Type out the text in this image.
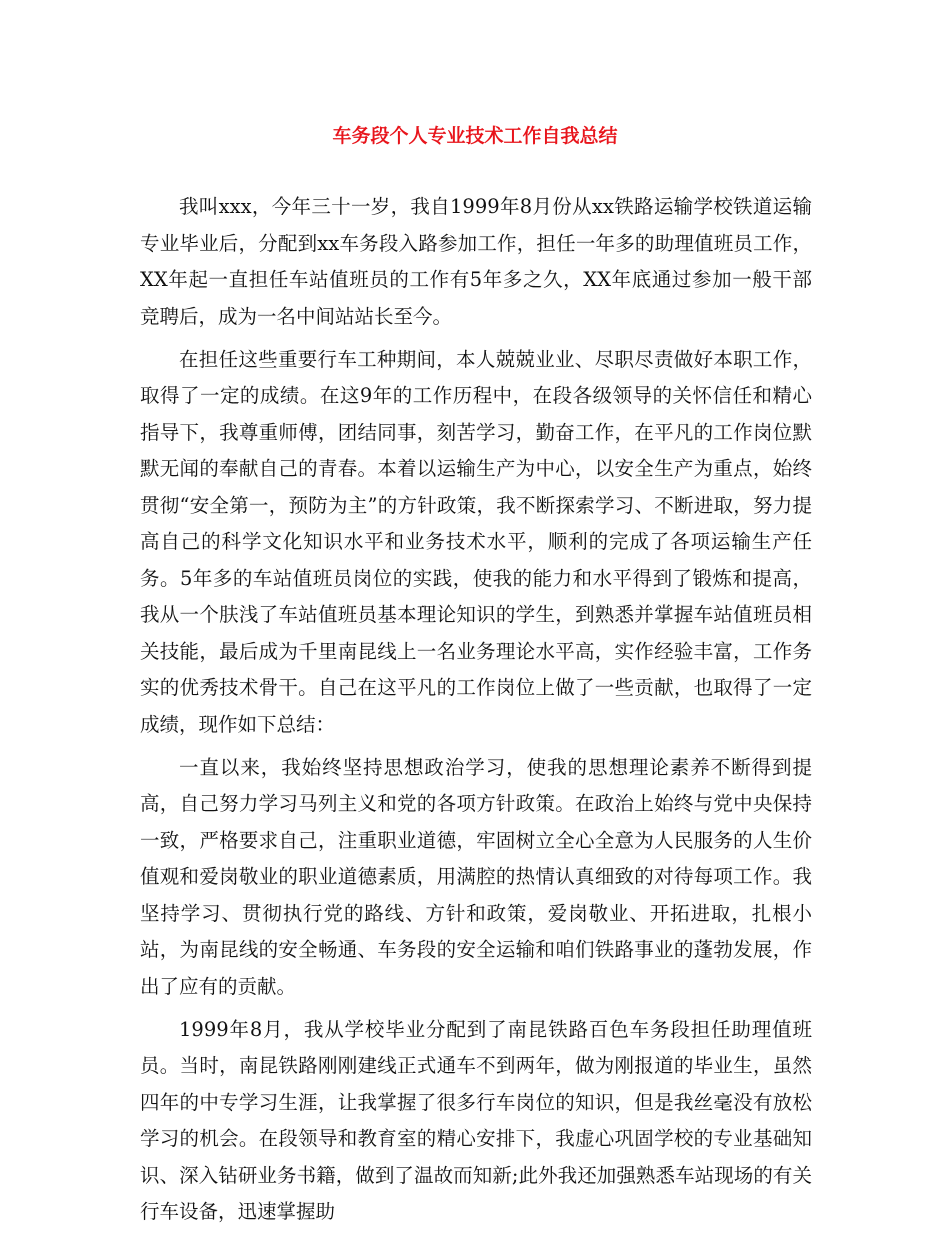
车务段个人专业技术工作自我总结

我叫xxx，今年三十一岁，我自1999年8月份从xx铁路运输学校铁道运输专业毕业后，分配到xx车务段入路参加工作，担任一年多的助理值班员工作，XX年起一直担任车站值班员的工作有5年多之久，XX年底通过参加一般干部竞聘后，成为一名中间站站长至今。

在担任这些重要行车工种期间，本人兢兢业业、尽职尽责做好本职工作，取得了一定的成绩。在这9年的工作历程中，在段各级领导的关怀信任和精心指导下，我尊重师傅，团结同事，刻苦学习，勤奋工作，在平凡的工作岗位默默无闻的奉献自己的青春。本着以运输生产为中心，以安全生产为重点，始终贯彻“安全第一，预防为主”的方针政策，我不断探索学习、不断进取，努力提高自己的科学文化知识水平和业务技术水平，顺利的完成了各项运输生产任务。5年多的车站值班员岗位的实践，使我的能力和水平得到了锻炼和提高，我从一个肤浅了车站值班员基本理论知识的学生，到熟悉并掌握车站值班员相关技能，最后成为千里南昆线上一名业务理论水平高，实作经验丰富，工作务实的优秀技术骨干。自己在这平凡的工作岗位上做了一些贡献，也取得了一定成绩，现作如下总结：

一直以来，我始终坚持思想政治学习，使我的思想理论素养不断得到提高，自己努力学习马列主义和党的各项方针政策。在政治上始终与党中央保持一致，严格要求自己，注重职业道德，牢固树立全心全意为人民服务的人生价值观和爱岗敬业的职业道德素质，用满腔的热情认真细致的对待每项工作。我坚持学习、贯彻执行党的路线、方针和政策，爱岗敬业、开拓进取，扎根小站，为南昆线的安全畅通、车务段的安全运输和咱们铁路事业的蓬勃发展，作出了应有的贡献。

1999年8月，我从学校毕业分配到了南昆铁路百色车务段担任助理值班员。当时，南昆铁路刚刚建线正式通车不到两年，做为刚报道的毕业生，虽然四年的中专学习生涯，让我掌握了很多行车岗位的知识，但是我丝毫没有放松学习的机会。在段领导和教育室的精心安排下，我虚心巩固学校的专业基础知识、深入钻研业务书籍，做到了温故而知新;此外我还加强熟悉车站现场的有关行车设备，迅速掌握助
